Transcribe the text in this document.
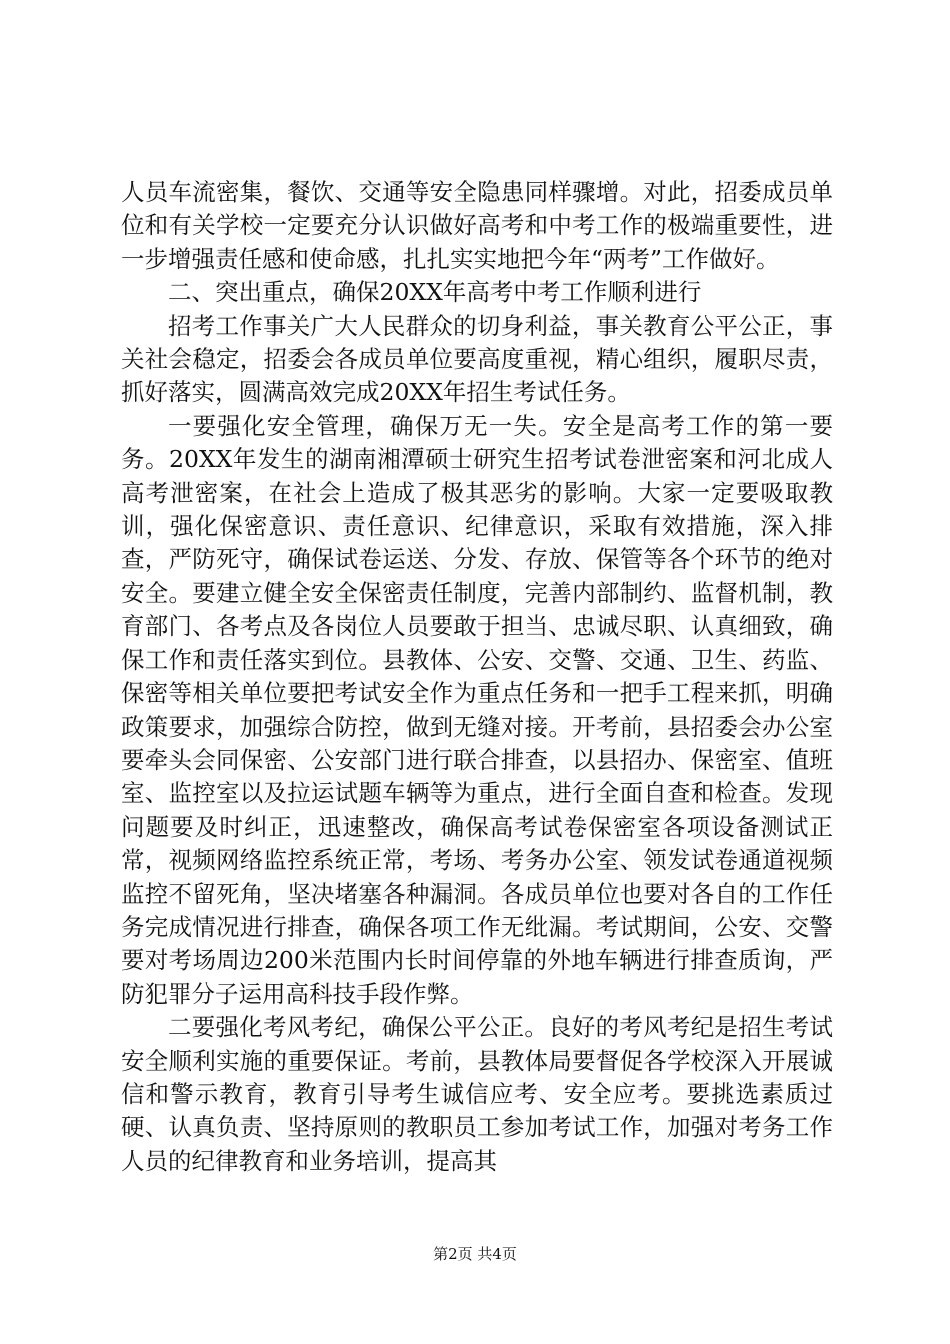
人员车流密集，餐饮、交通等安全隐患同样骤增。对此，招委成员单位和有关学校一定要充分认识做好高考和中考工作的极端重要性，进一步增强责任感和使命感，扎扎实实地把今年“两考”工作做好。

二、突出重点，确保20XX年高考中考工作顺利进行

招考工作事关广大人民群众的切身利益，事关教育公平公正，事关社会稳定，招委会各成员单位要高度重视，精心组织，履职尽责，抓好落实，圆满高效完成20XX年招生考试任务。

一要强化安全管理，确保万无一失。安全是高考工作的第一要务。20XX年发生的湖南湘潭硕士研究生招考试卷泄密案和河北成人高考泄密案，在社会上造成了极其恶劣的影响。大家一定要吸取教训，强化保密意识、责任意识、纪律意识，采取有效措施，深入排查，严防死守，确保试卷运送、分发、存放、保管等各个环节的绝对安全。要建立健全安全保密责任制度，完善内部制约、监督机制，教育部门、各考点及各岗位人员要敢于担当、忠诚尽职、认真细致，确保工作和责任落实到位。县教体、公安、交警、交通、卫生、药监、保密等相关单位要把考试安全作为重点任务和一把手工程来抓，明确政策要求，加强综合防控，做到无缝对接。开考前，县招委会办公室要牵头会同保密、公安部门进行联合排查，以县招办、保密室、值班室、监控室以及拉运试题车辆等为重点，进行全面自查和检查。发现问题要及时纠正，迅速整改，确保高考试卷保密室各项设备测试正常，视频网络监控系统正常，考场、考务办公室、领发试卷通道视频监控不留死角，坚决堵塞各种漏洞。各成员单位也要对各自的工作任务完成情况进行排查，确保各项工作无纰漏。考试期间，公安、交警要对考场周边200米范围内长时间停靠的外地车辆进行排查质询，严防犯罪分子运用高科技手段作弊。

二要强化考风考纪，确保公平公正。良好的考风考纪是招生考试安全顺利实施的重要保证。考前，县教体局要督促各学校深入开展诚信和警示教育，教育引导考生诚信应考、安全应考。要挑选素质过硬、认真负责、坚持原则的教职员工参加考试工作，加强对考务工作人员的纪律教育和业务培训，提高其

第2页 共4页
